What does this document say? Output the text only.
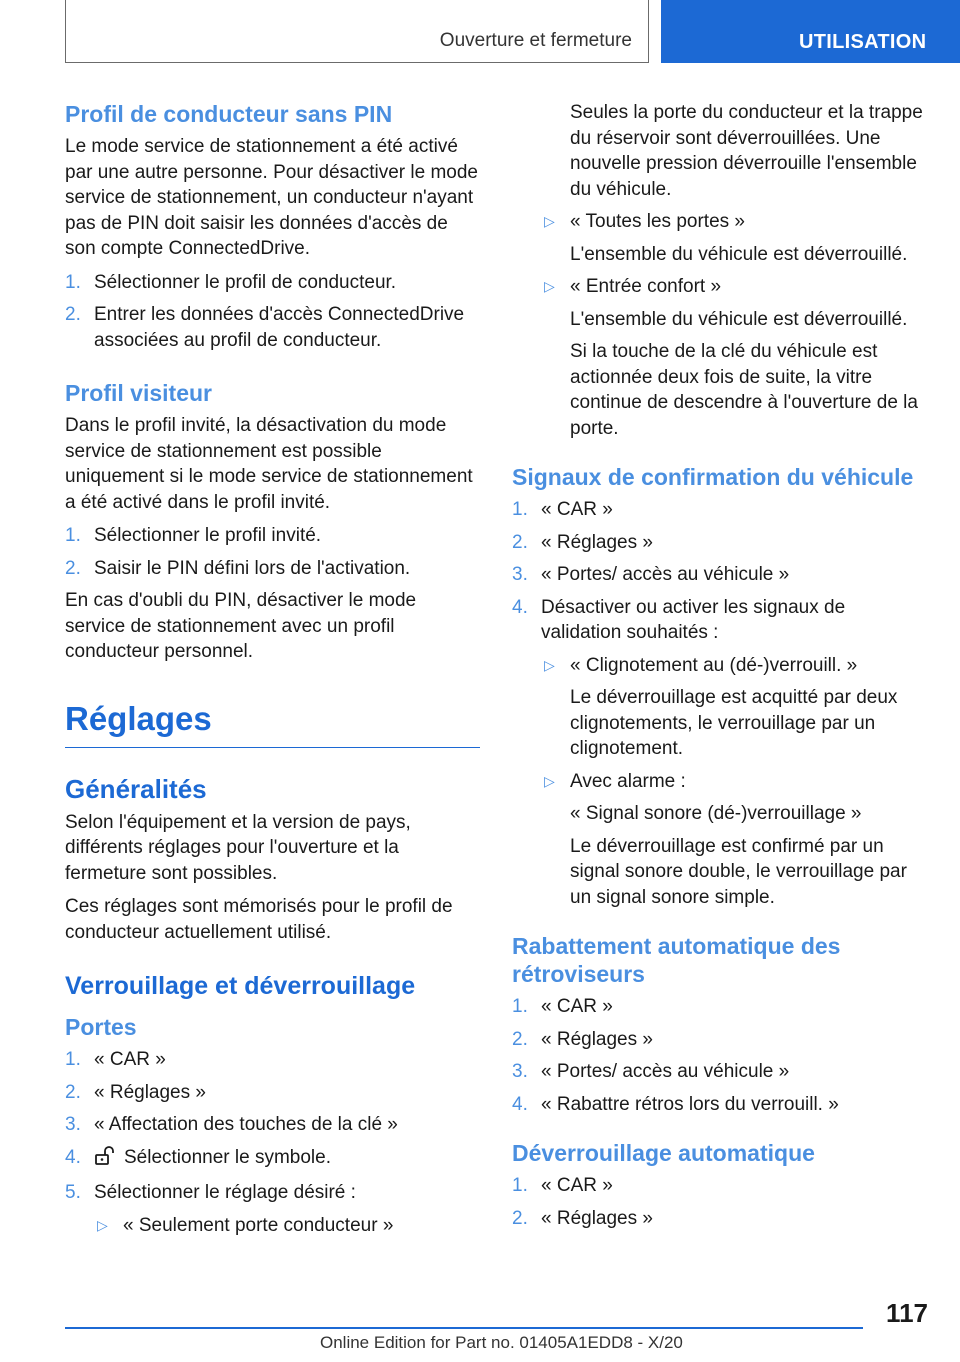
Ouverture et fermeture	UTILISATION
Profil de conducteur sans PIN

Le mode service de stationnement a été activé par une autre personne. Pour désactiver le mode service de stationnement, un conducteur n'ayant pas de PIN doit saisir les données d'accès de son compte ConnectedDrive.

1. Sélectionner le profil de conducteur.
2. Entrer les données d'accès ConnectedDrive associées au profil de conducteur.
Profil visiteur

Dans le profil invité, la désactivation du mode service de stationnement est possible uniquement si le mode service de stationnement a été activé dans le profil invité.

1. Sélectionner le profil invité.
2. Saisir le PIN défini lors de l'activation.

En cas d'oubli du PIN, désactiver le mode service de stationnement avec un profil conducteur personnel.

Réglages
Généralités

Selon l'équipement et la version de pays, différents réglages pour l'ouverture et la fermeture sont possibles.

Ces réglages sont mémorisés pour le profil de conducteur actuellement utilisé.

Verrouillage et déverrouillage
Portes
1. « CAR »
2. « Réglages »
3. « Affectation des touches de la clé »
4. Sélectionner le symbole.
5. Sélectionner le réglage désiré :
▷ « Seulement porte conducteur »
Seules la porte du conducteur et la trappe du réservoir sont déverrouillées. Une nouvelle pression déverrouille l'ensemble du véhicule.
▷ « Toutes les portes »
L'ensemble du véhicule est déverrouillé.
▷ « Entrée confort »
L'ensemble du véhicule est déverrouillé.
Si la touche de la clé du véhicule est actionnée deux fois de suite, la vitre continue de descendre à l'ouverture de la porte.
Signaux de confirmation du véhicule
1. « CAR »
2. « Réglages »
3. « Portes/ accès au véhicule »
4. Désactiver ou activer les signaux de validation souhaités :
▷ « Clignotement au (dé-)verrouill. »
Le déverrouillage est acquitté par deux clignotements, le verrouillage par un clignotement.
▷ Avec alarme :
« Signal sonore (dé-)verrouillage »
Le déverrouillage est confirmé par un signal sonore double, le verrouillage par un signal sonore simple.
Rabattement automatique des rétroviseurs
1. « CAR »
2. « Réglages »
3. « Portes/ accès au véhicule »
4. « Rabattre rétros lors du verrouill. »
Déverrouillage automatique
1. « CAR »
2. « Réglages »
117
Online Edition for Part no. 01405A1EDD8 - X/20
